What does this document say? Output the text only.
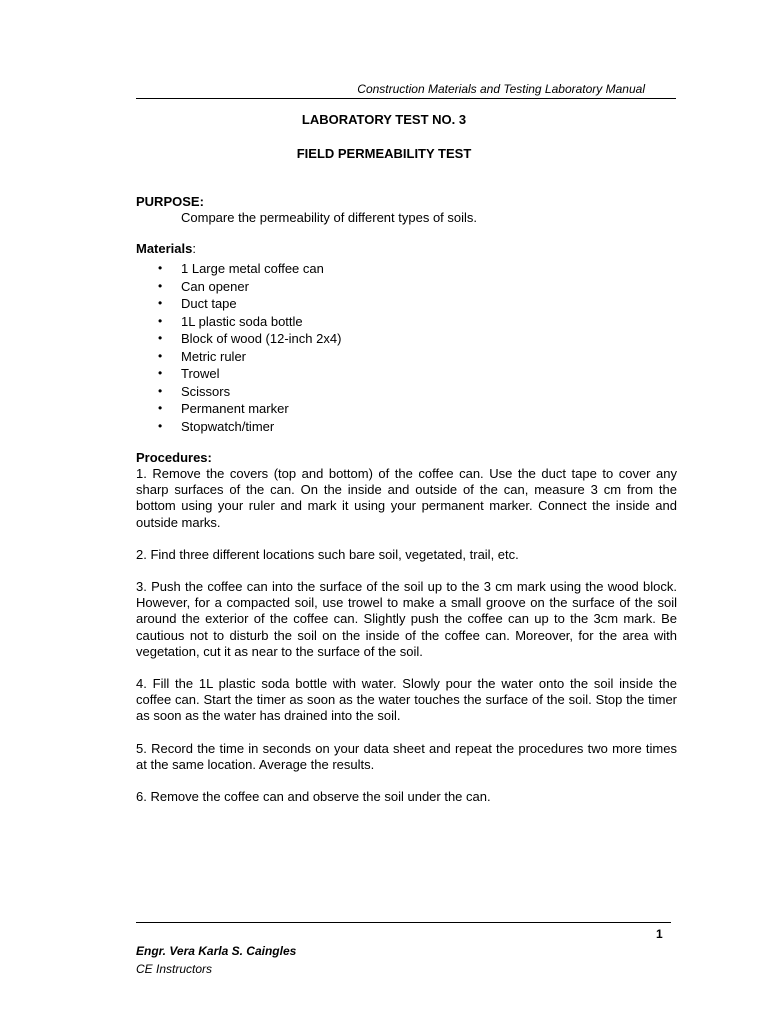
Construction Materials and Testing Laboratory Manual
LABORATORY TEST NO. 3
FIELD PERMEABILITY TEST
PURPOSE:
Compare the permeability of different types of soils.
Materials:
• 1 Large metal coffee can
• Can opener
• Duct tape
• 1L plastic soda bottle
• Block of wood (12-inch 2x4)
• Metric ruler
• Trowel
• Scissors
• Permanent marker
• Stopwatch/timer
Procedures:

1. Remove the covers (top and bottom) of the coffee can. Use the duct tape to cover any sharp surfaces of the can. On the inside and outside of the can, measure 3 cm from the bottom using your ruler and mark it using your permanent marker. Connect the inside and outside marks.

2. Find three different locations such bare soil, vegetated, trail, etc.

3. Push the coffee can into the surface of the soil up to the 3 cm mark using the wood block. However, for a compacted soil, use trowel to make a small groove on the surface of the soil around the exterior of the coffee can. Slightly push the coffee can up to the 3cm mark. Be cautious not to disturb the soil on the inside of the coffee can. Moreover, for the area with vegetation, cut it as near to the surface of the soil.

4. Fill the 1L plastic soda bottle with water. Slowly pour the water onto the soil inside the coffee can. Start the timer as soon as the water touches the surface of the soil. Stop the timer as soon as the water has drained into the soil.

5. Record the time in seconds on your data sheet and repeat the procedures two more times at the same location. Average the results.

6. Remove the coffee can and observe the soil under the can.

1
Engr. Vera Karla S. Caingles
CE Instructors
